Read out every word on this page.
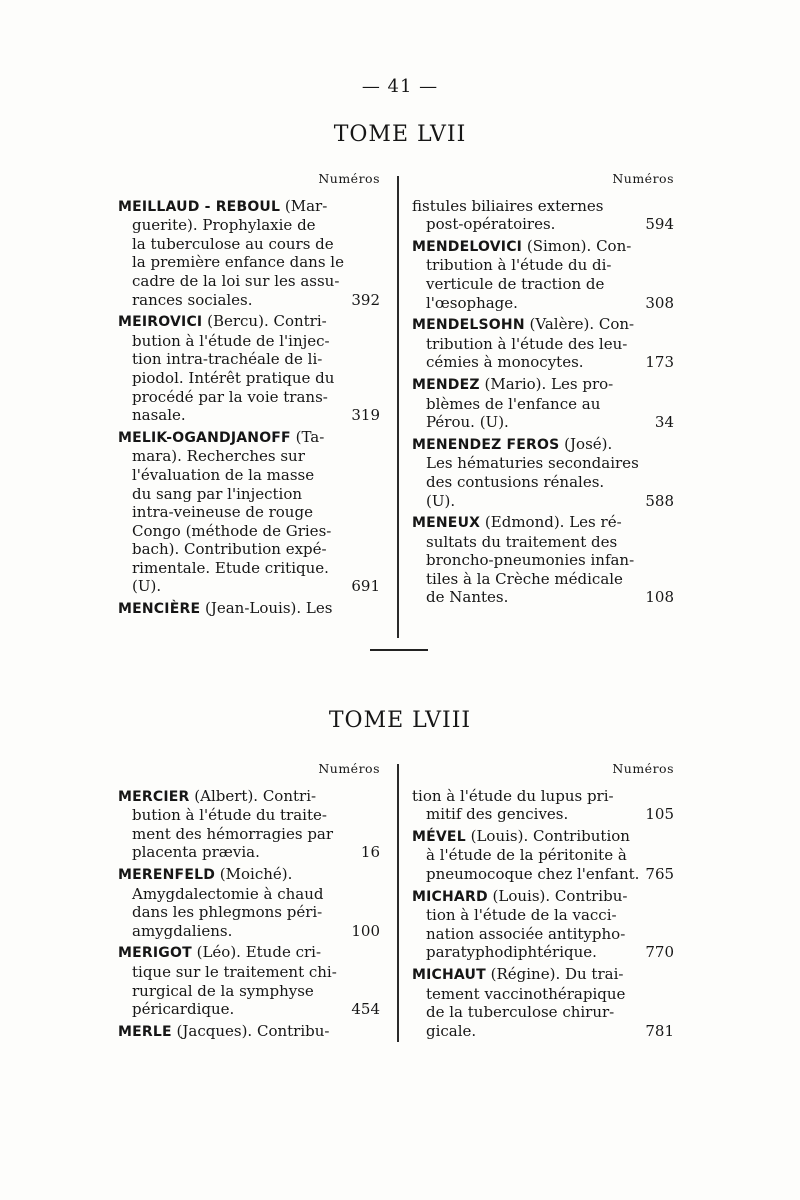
— 41 —
TOME LVII
Numéros
MEILLAUD - REBOUL (Mar-
guerite). Prophylaxie de
la tuberculose au cours de
la première enfance dans le
cadre de la loi sur les assu-
rances sociales.	392
MEIROVICI (Bercu). Contri-
bution à l'étude de l'injec-
tion intra-trachéale de li-
piodol. Intérêt pratique du
procédé par la voie trans-
nasale.	319
MELIK-OGANDJANOFF (Ta-
mara). Recherches sur
l'évaluation de la masse
du sang par l'injection
intra-veineuse de rouge
Congo (méthode de Gries-
bach). Contribution expé-
rimentale. Etude critique.
(U).	691
MENCIÈRE (Jean-Louis). Les
Numéros
fistules biliaires externes
post-opératoires.	594
MENDELOVICI (Simon). Con-
tribution à l'étude du di-
verticule de traction de
l'œsophage.	308
MENDELSOHN (Valère). Con-
tribution à l'étude des leu-
cémies à monocytes.	173
MENDEZ (Mario). Les pro-
blèmes de l'enfance au
Pérou. (U).	34
MENENDEZ FEROS (José).
Les hématuries secondaires
des contusions rénales.
(U).	588
MENEUX (Edmond). Les ré-
sultats du traitement des
broncho-pneumonies infan-
tiles à la Crèche médicale
de Nantes.	108
TOME LVIII
Numéros
MERCIER (Albert). Contri-
bution à l'étude du traite-
ment des hémorragies par
placenta prævia.	16
MERENFELD (Moiché).
Amygdalectomie à chaud
dans les phlegmons péri-
amygdaliens.	100
MERIGOT (Léo). Etude cri-
tique sur le traitement chi-
rurgical de la symphyse
péricardique.	454
MERLE (Jacques). Contribu-
Numéros
tion à l'étude du lupus pri-
mitif des gencives.	105
MÉVEL (Louis). Contribution
à l'étude de la péritonite à
pneumocoque chez l'enfant. 765
MICHARD (Louis). Contribu-
tion à l'étude de la vacci-
nation associée antitypho-
paratyphodiphtérique.	770
MICHAUT (Régine). Du trai-
tement vaccinothérapique
de la tuberculose chirur-
gicale.	781
